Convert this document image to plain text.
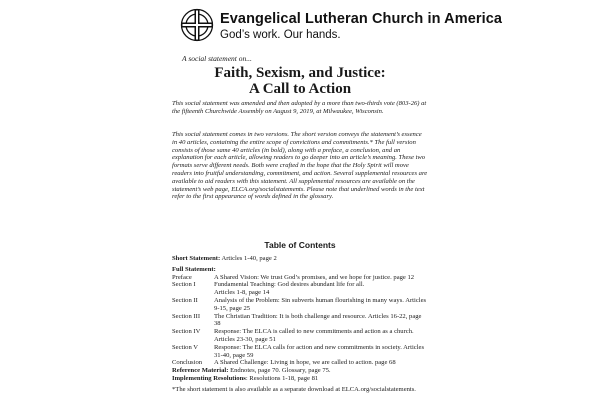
Evangelical Lutheran Church in America
God’s work. Our hands.
A social statement on...
Faith, Sexism, and Justice:
A Call to Action
This social statement was amended and then adopted by a more than two-thirds vote (803-26) at the fifteenth Churchwide Assembly on August 9, 2019, at Milwaukee, Wisconsin.
This social statement comes in two versions. The short version conveys the statement’s essence in 40 articles, containing the entire scope of convictions and commitments.* The full version consists of those same 40 articles (in bold), along with a preface, a conclusion, and an explanation for each article, allowing readers to go deeper into an article’s meaning. These two formats serve different needs. Both were crafted in the hope that the Holy Spirit will move readers into fruitful understanding, commitment, and action. Several supplemental resources are available to aid readers with this statement. All supplemental resources are available on the statement’s web page, ELCA.org/socialstatements. Please note that underlined words in the text refer to the first appearance of words defined in the glossary.
Table of Contents
Short Statement: Articles 1-40, page 2
Full Statement:
Preface	A Shared Vision: We trust God’s promises, and we hope for justice. page 12
Section I	Fundamental Teaching: God desires abundant life for all.
Articles 1-8, page 14
Section II	Analysis of the Problem: Sin subverts human flourishing in many ways. Articles 9-15, page 25
Section III	The Christian Tradition: It is both challenge and resource. Articles 16-22, page 38
Section IV	Response: The ELCA is called to new commitments and action as a church. Articles 23-30, page 51
Section V	Response: The ELCA calls for action and new commitments in society. Articles 31-40, page 59
Conclusion	A Shared Challenge: Living in hope, we are called to action. page 68
Reference Material: Endnotes, page 70. Glossary, page 75.
Implementing Resolutions: Resolutions 1-18, page 81
*The short statement is also available as a separate download at ELCA.org/socialstatements.
